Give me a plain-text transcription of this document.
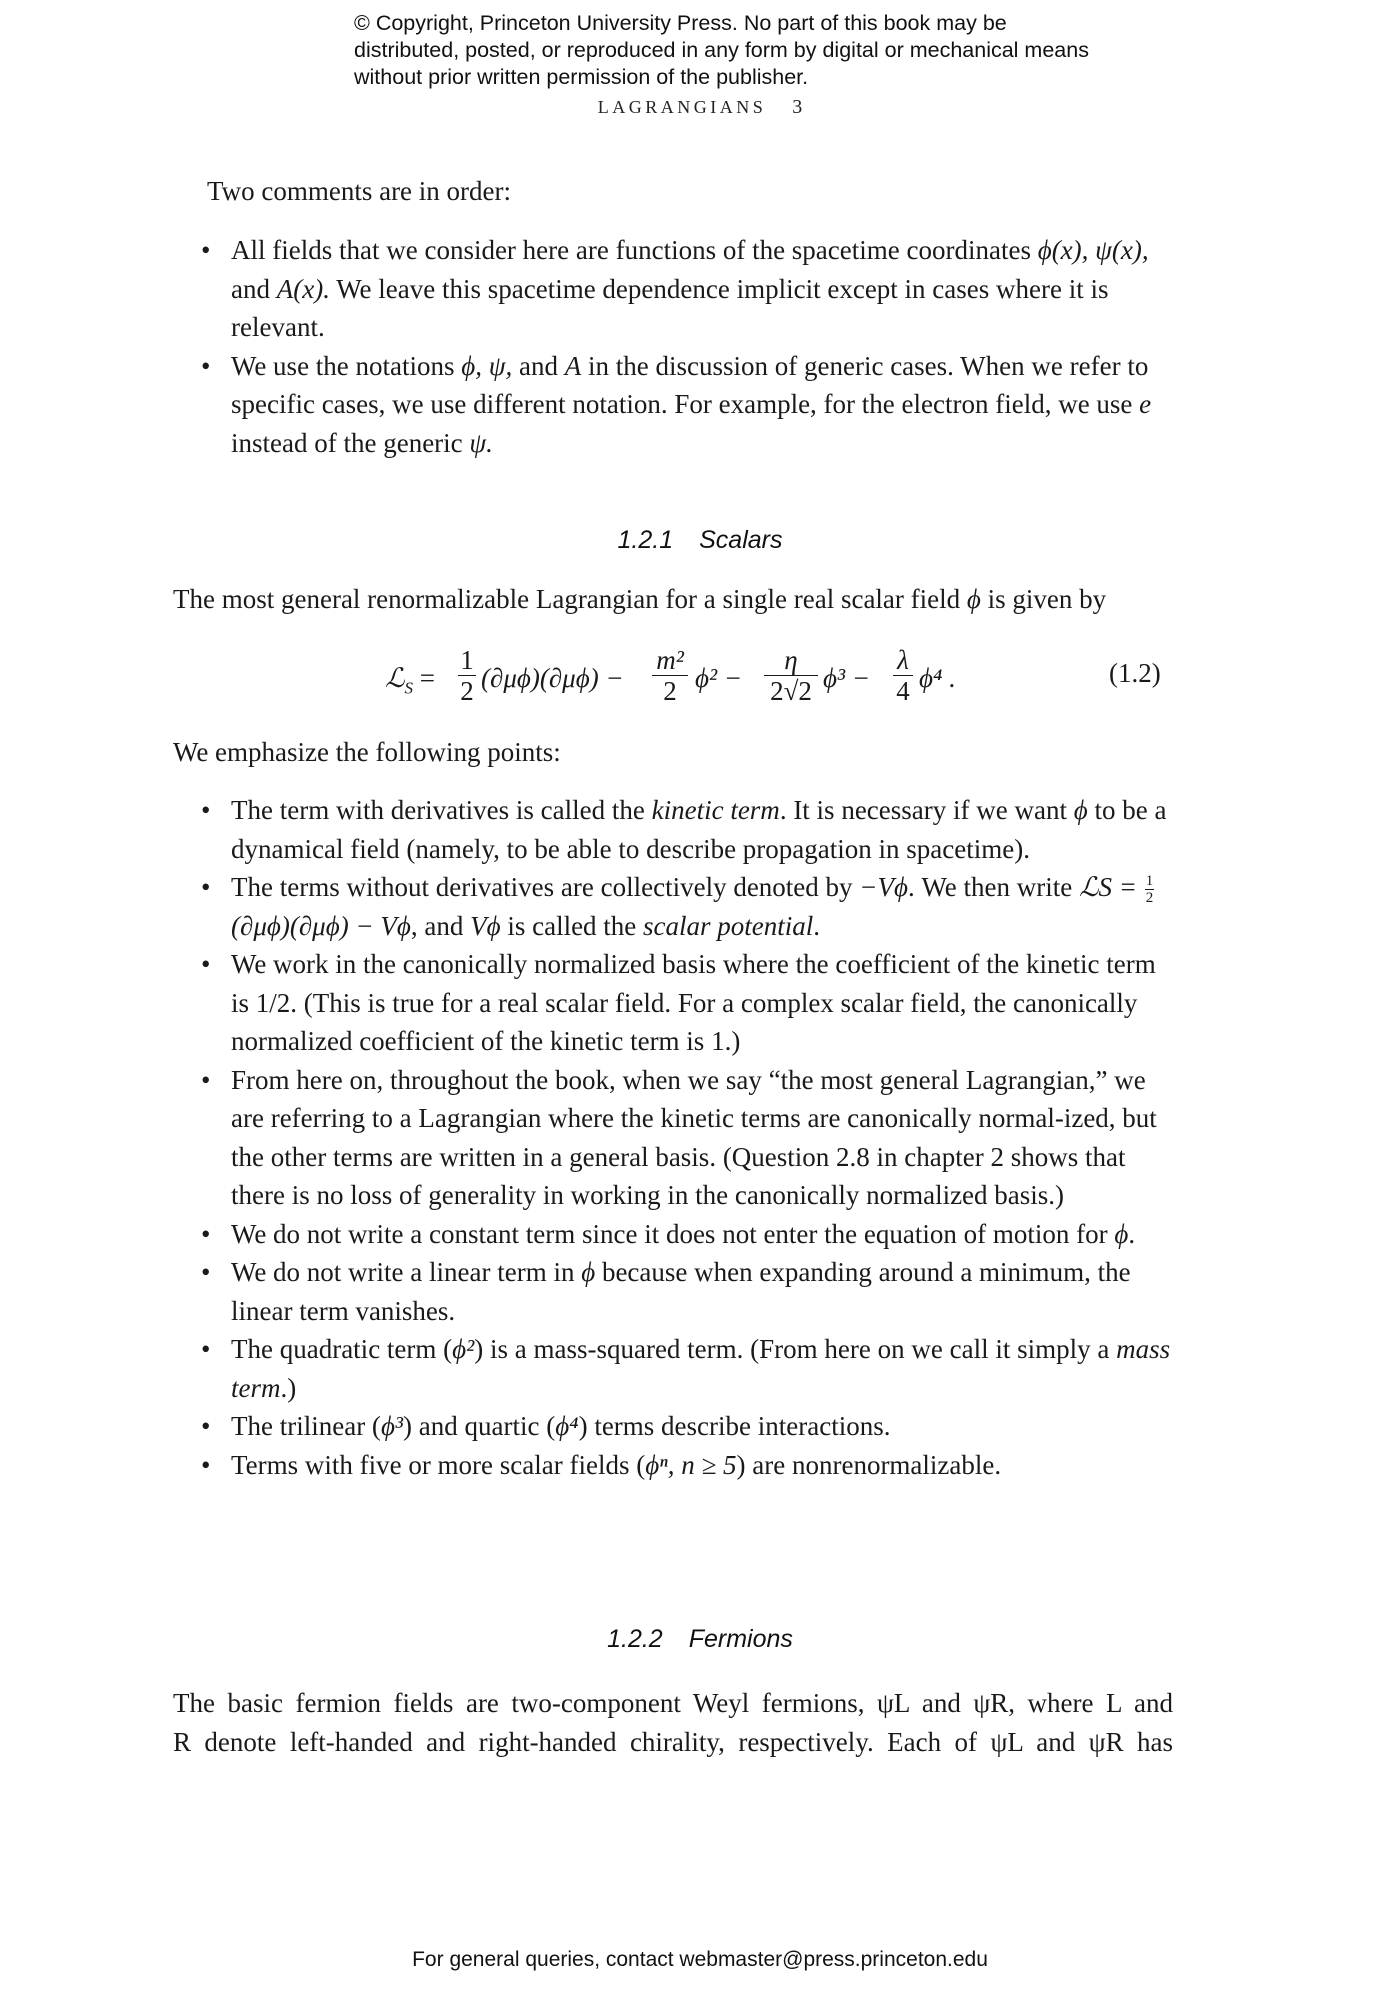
© Copyright, Princeton University Press. No part of this book may be distributed, posted, or reproduced in any form by digital or mechanical means without prior written permission of the publisher.
LAGRANGIANS 3
Two comments are in order:
• All fields that we consider here are functions of the spacetime coordinates ϕ(x), ψ(x), and A(x). We leave this spacetime dependence implicit except in cases where it is relevant.
• We use the notations ϕ, ψ, and A in the discussion of generic cases. When we refer to specific cases, we use different notation. For example, for the electron field, we use e instead of the generic ψ.
1.2.1 Scalars
The most general renormalizable Lagrangian for a single real scalar field ϕ is given by
ℒ$_S$ =
1
2 (∂μϕ)(∂μϕ) −
m²
2 ϕ² −
η
2√2 ϕ³ −
λ
4 ϕ⁴ .	(1.2)
We emphasize the following points:
• The term with derivatives is called the kinetic term. It is necessary if we want ϕ to be a dynamical field (namely, to be able to describe propagation in spacetime).
• The terms without derivatives are collectively denoted by −Vϕ. We then write ℒS = $\frac{1}{2}$
(∂μϕ)(∂μϕ) − Vϕ, and Vϕ is called the scalar potential.
• We work in the canonically normalized basis where the coefficient of the kinetic term is 1/2. (This is true for a real scalar field. For a complex scalar field, the canonically normalized coefficient of the kinetic term is 1.)
• From here on, throughout the book, when we say “the most general Lagrangian,” we are referring to a Lagrangian where the kinetic terms are canonically normal-ized, but the other terms are written in a general basis. (Question 2.8 in chapter 2 shows that there is no loss of generality in working in the canonically normalized basis.)
• We do not write a constant term since it does not enter the equation of motion for ϕ.
• We do not write a linear term in ϕ because when expanding around a minimum, the linear term vanishes.
• The quadratic term (ϕ²) is a mass-squared term. (From here on we call it simply a mass term.)
• The trilinear (ϕ³) and quartic (ϕ⁴) terms describe interactions.
• Terms with five or more scalar fields (ϕⁿ, n ≥ 5) are nonrenormalizable.
1.2.2 Fermions
The basic fermion fields are two-component Weyl fermions, ψL and ψR, where L and
R denote left-handed and right-handed chirality, respectively. Each of ψL and ψR has
For general queries, contact webmaster@press.princeton.edu
